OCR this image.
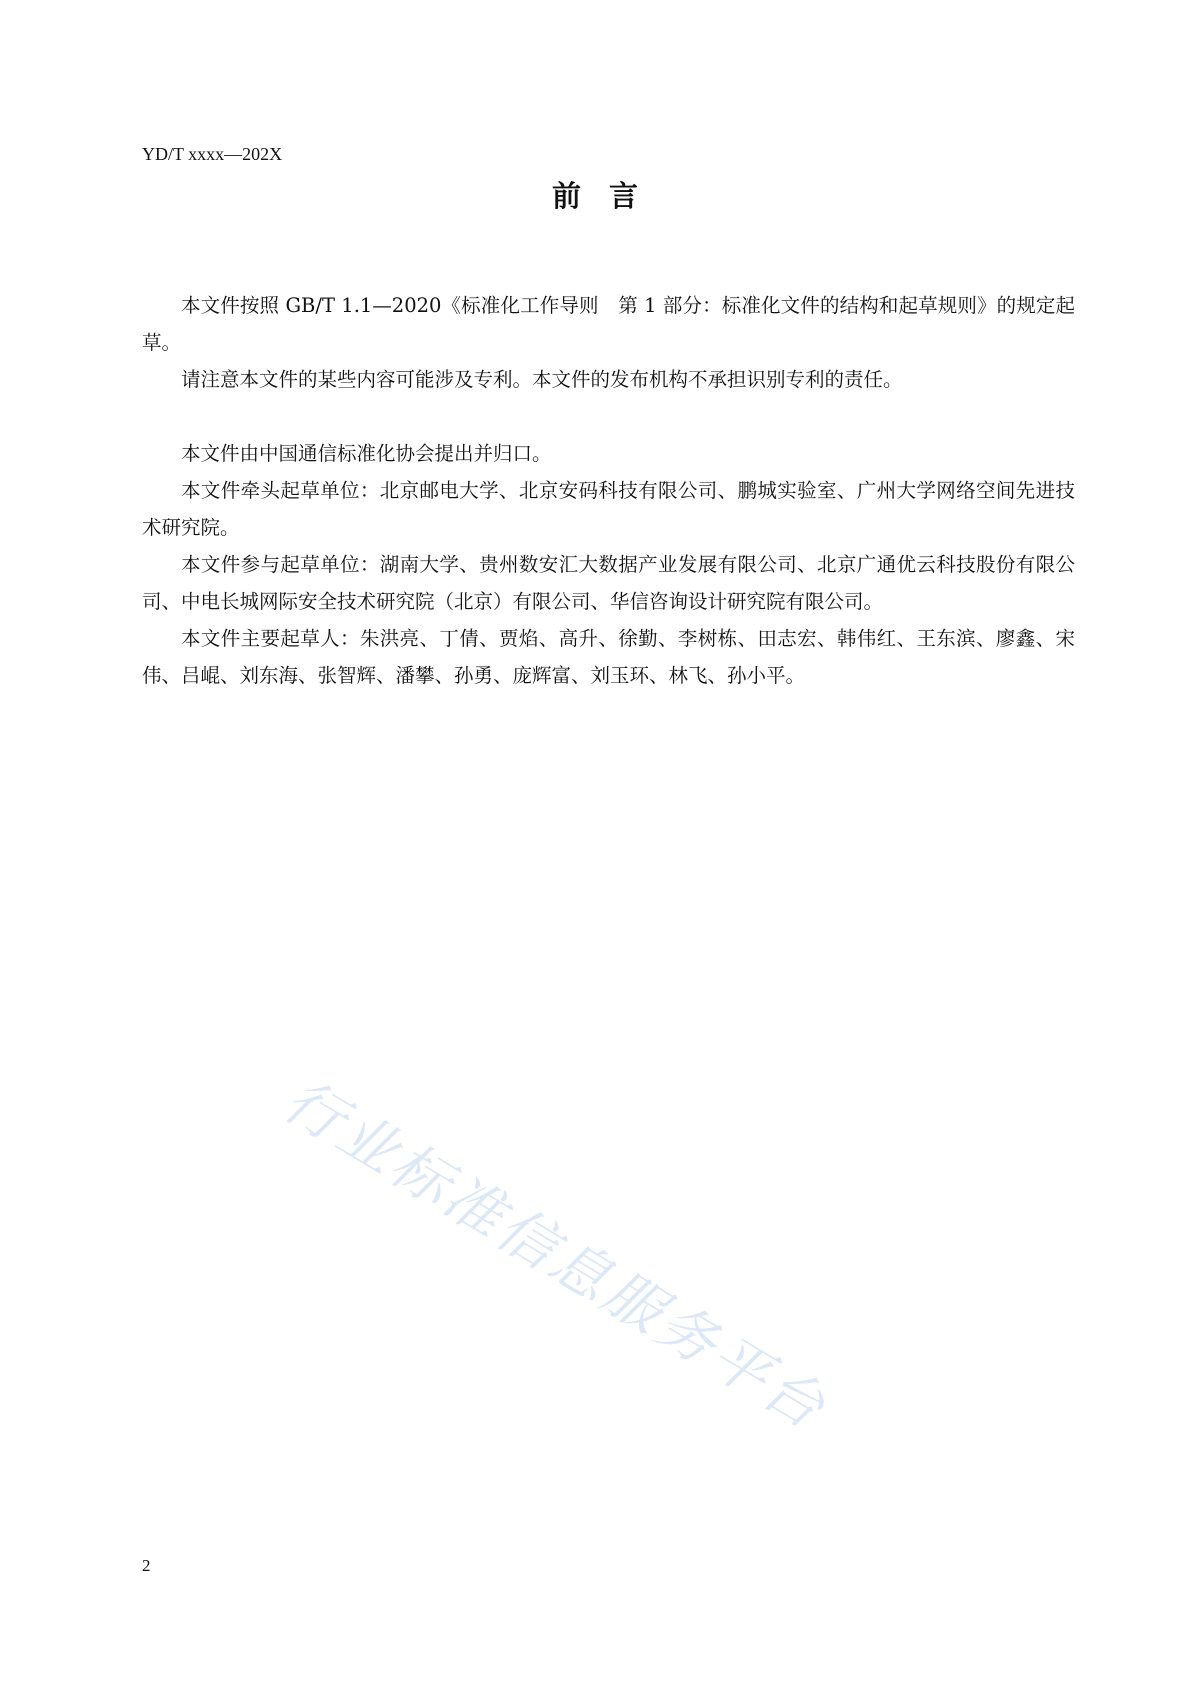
YD/T xxxx—202X
前言

本文件按照 GB/T 1.1—2020《标准化工作导则　第 1 部分：标准化文件的结构和起草规则》的规定起草。

请注意本文件的某些内容可能涉及专利。本文件的发布机构不承担识别专利的责任。

本文件由中国通信标准化协会提出并归口。

本文件牵头起草单位：北京邮电大学、北京安码科技有限公司、鹏城实验室、广州大学网络空间先进技术研究院。

本文件参与起草单位：湖南大学、贵州数安汇大数据产业发展有限公司、北京广通优云科技股份有限公司、中电长城网际安全技术研究院（北京）有限公司、华信咨询设计研究院有限公司。

本文件主要起草人：朱洪亮、丁倩、贾焰、高升、徐勤、李树栋、田志宏、韩伟红、王东滨、廖鑫、宋伟、吕崐、刘东海、张智辉、潘攀、孙勇、庞辉富、刘玉环、林飞、孙小平。

行业标准信息服务平台
2
